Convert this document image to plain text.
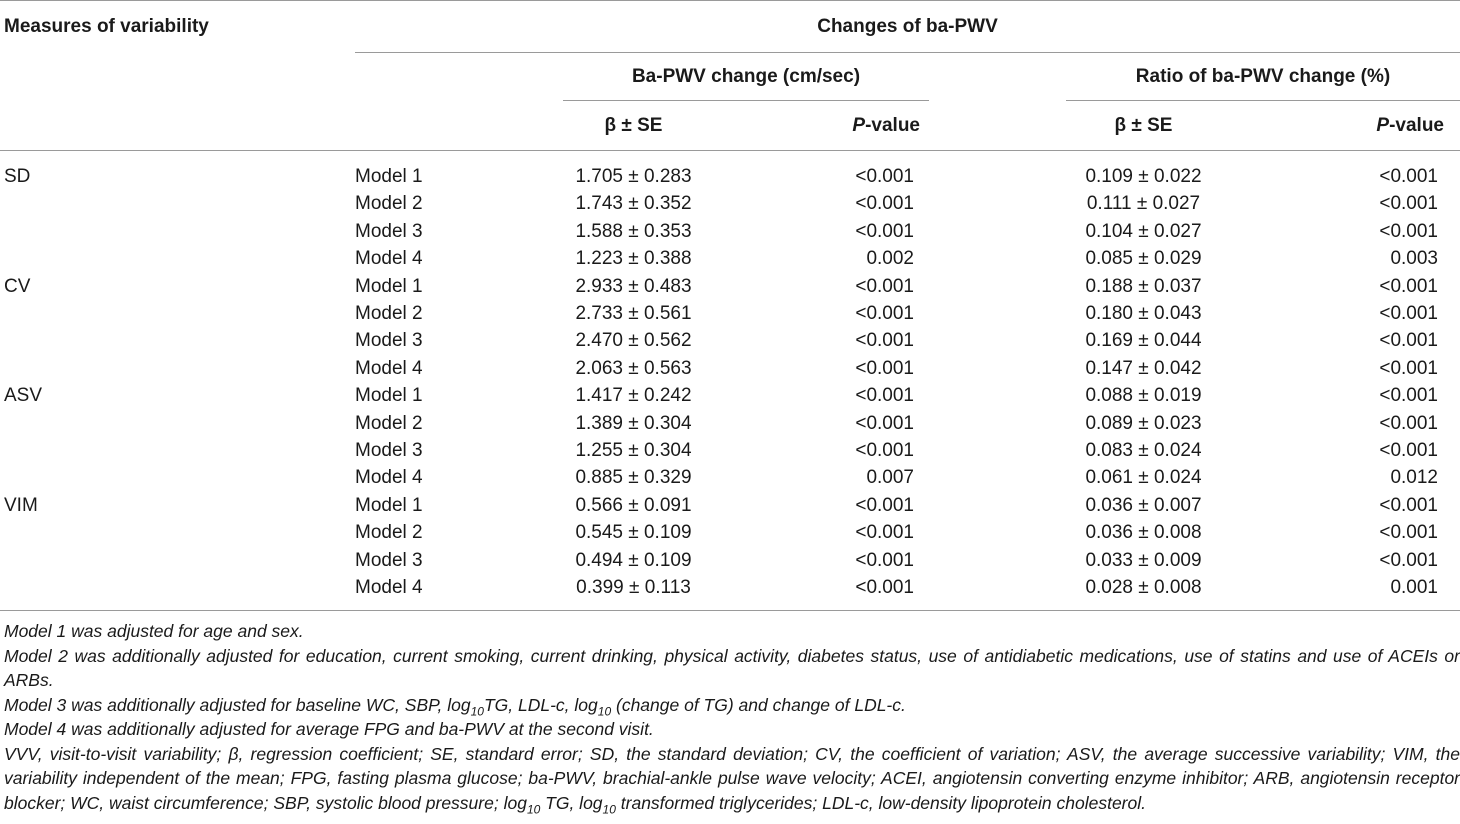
Measures of variability	Changes of ba-PWV
Ba-PWV change (cm/sec)	Ratio of ba-PWV change (%)
β ± SE	P-value	β ± SE	P-value
SD	Model 1	1.705 ± 0.283	<0.001	0.109 ± 0.022	<0.001
Model 2	1.743 ± 0.352	<0.001	0.111 ± 0.027	<0.001
Model 3	1.588 ± 0.353	<0.001	0.104 ± 0.027	<0.001
Model 4	1.223 ± 0.388	0.002	0.085 ± 0.029	0.003
CV	Model 1	2.933 ± 0.483	<0.001	0.188 ± 0.037	<0.001
Model 2	2.733 ± 0.561	<0.001	0.180 ± 0.043	<0.001
Model 3	2.470 ± 0.562	<0.001	0.169 ± 0.044	<0.001
Model 4	2.063 ± 0.563	<0.001	0.147 ± 0.042	<0.001
ASV	Model 1	1.417 ± 0.242	<0.001	0.088 ± 0.019	<0.001
Model 2	1.389 ± 0.304	<0.001	0.089 ± 0.023	<0.001
Model 3	1.255 ± 0.304	<0.001	0.083 ± 0.024	<0.001
Model 4	0.885 ± 0.329	0.007	0.061 ± 0.024	0.012
VIM	Model 1	0.566 ± 0.091	<0.001	0.036 ± 0.007	<0.001
Model 2	0.545 ± 0.109	<0.001	0.036 ± 0.008	<0.001
Model 3	0.494 ± 0.109	<0.001	0.033 ± 0.009	<0.001
Model 4	0.399 ± 0.113	<0.001	0.028 ± 0.008	0.001

Model 1 was adjusted for age and sex.

Model 2 was additionally adjusted for education, current smoking, current drinking, physical activity, diabetes status, use of antidiabetic medications, use of statins and use of ACEIs or ARBs.

Model 3 was additionally adjusted for baseline WC, SBP, $\log_{10}TG$, LDL-c, $\log_{10}$ (change of TG) and change of LDL-c.

Model 4 was additionally adjusted for average FPG and ba-PWV at the second visit.

VVV, visit-to-visit variability; β, regression coefficient; SE, standard error; SD, the standard deviation; CV, the coefficient of variation; ASV, the average successive variability; VIM, the variability independent of the mean; FPG, fasting plasma glucose; ba-PWV, brachial-ankle pulse wave velocity; ACEI, angiotensin converting enzyme inhibitor; ARB, angiotensin receptor blocker; WC, waist circumference; SBP, systolic blood pressure; $\log_{10}$ TG, $\log_{10}$ transformed triglycerides; LDL-c, low-density lipoprotein cholesterol.
